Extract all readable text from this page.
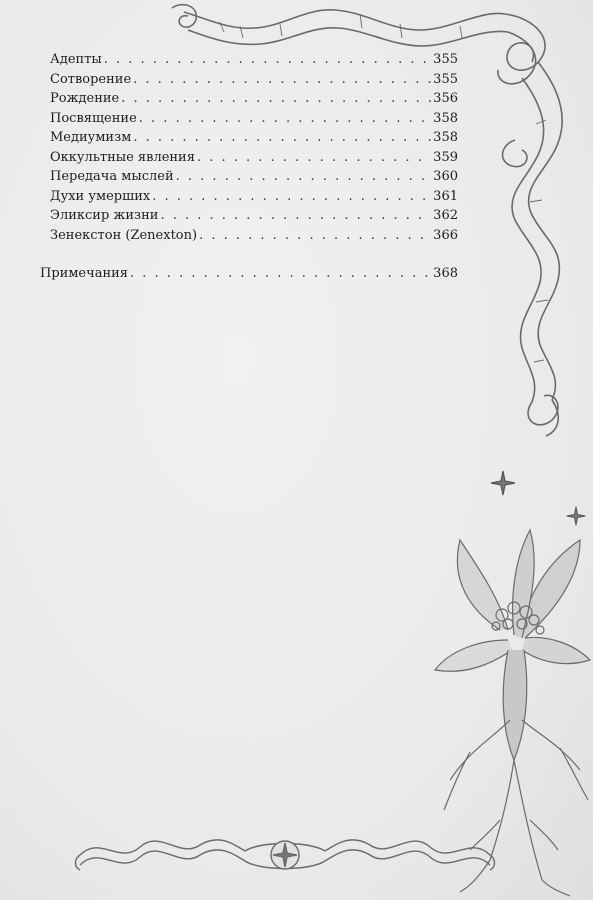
Адепты . . .	355
Сотворение . . .	355
Рождение . . .	356
Посвящение . . .	358
Медиумизм . . .	358
Оккультные явления . . .	359
Передача мыслей . . .	360
Духи умерших . . .	361
Эликсир жизни . . .	362
Зенекстон (Zenexton) . . .	366
Примечания . . .	368
